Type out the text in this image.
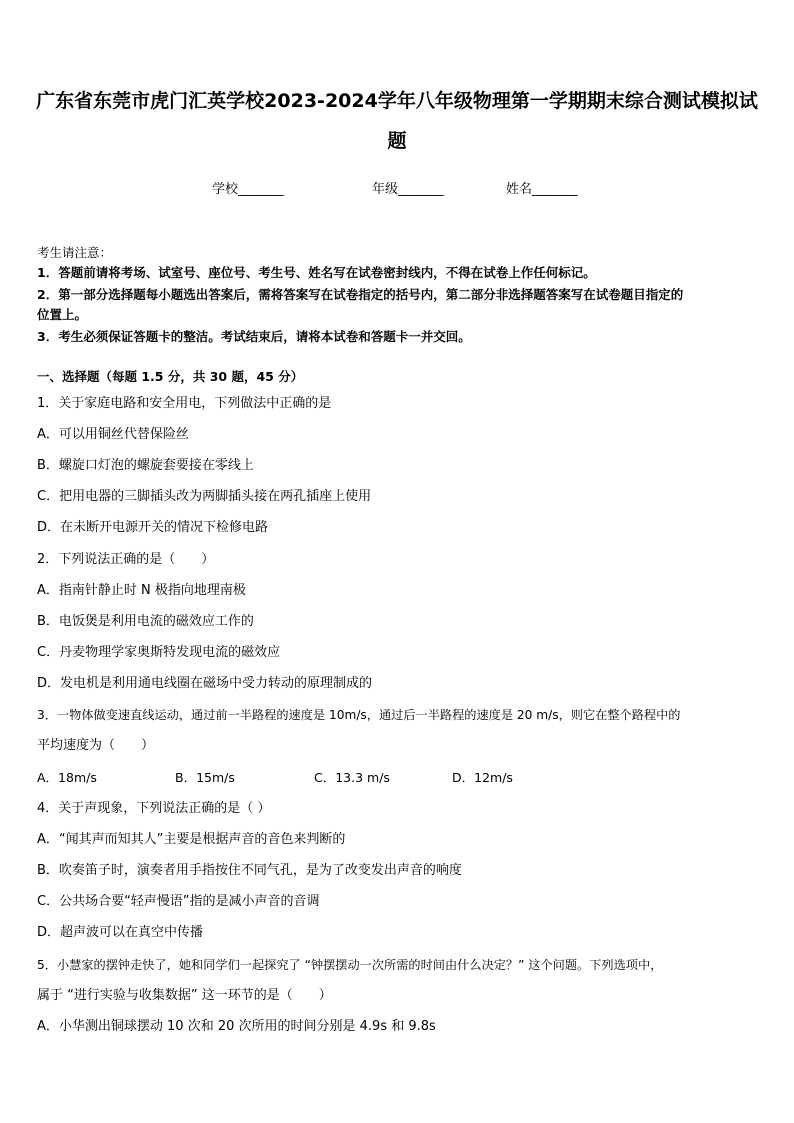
广东省东莞市虎门汇英学校2023-2024学年八年级物理第一学期期末综合测试模拟试
题
学校_______	年级_______	姓名_______
考生请注意：
1．答题前请将考场、试室号、座位号、考生号、姓名写在试卷密封线内，不得在试卷上作任何标记。
2．第一部分选择题每小题选出答案后，需将答案写在试卷指定的括号内，第二部分非选择题答案写在试卷题目指定的
位置上。
3．考生必须保证答题卡的整洁。考试结束后，请将本试卷和答题卡一并交回。
一、选择题（每题 1.5 分，共 30 题，45 分）
1．关于家庭电路和安全用电，下列做法中正确的是
A．可以用铜丝代替保险丝
B．螺旋口灯泡的螺旋套要接在零线上
C．把用电器的三脚插头改为两脚插头接在两孔插座上使用
D．在未断开电源开关的情况下检修电路
2．下列说法正确的是（　　）
A．指南针静止时 N 极指向地理南极
B．电饭煲是利用电流的磁效应工作的
C．丹麦物理学家奥斯特发现电流的磁效应
D．发电机是利用通电线圈在磁场中受力转动的原理制成的
3．一物体做变速直线运动，通过前一半路程的速度是 10m/s，通过后一半路程的速度是 20 m/s，则它在整个路程中的
平均速度为（　　）
A．18m/s	B．15m/s	C．13.3 m/s	D．12m/s
4．关于声现象，下列说法正确的是（ ）
A．“闻其声而知其人”主要是根据声音的音色来判断的
B．吹奏笛子时，演奏者用手指按住不同气孔，是为了改变发出声音的响度
C．公共场合要“轻声慢语”指的是减小声音的音调
D．超声波可以在真空中传播
5．小慧家的摆钟走快了，她和同学们一起探究了 “钟摆摆动一次所需的时间由什么决定？” 这个问题。下列选项中，
属于 “进行实验与收集数据” 这一环节的是（　　）
A．小华测出铜球摆动 10 次和 20 次所用的时间分别是 4.9s 和 9.8s
